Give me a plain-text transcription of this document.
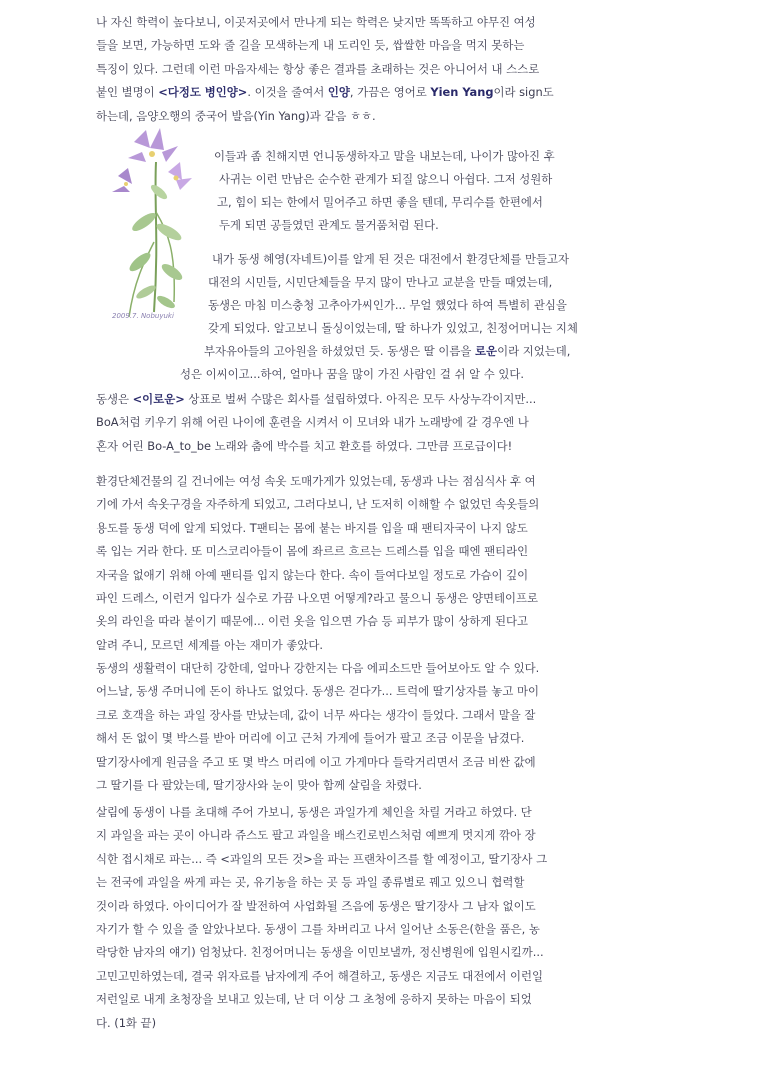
나 자신 학력이 높다보니, 이곳저곳에서 만나게 되는 학력은 낮지만 똑똑하고 야무진 여성
들을 보면, 가능하면 도와 줄 길을 모색하는게 내 도리인 듯, 쌉쌀한 마음을 먹지 못하는
특징이 있다. 그런데 이런 마음자세는 항상 좋은 결과를 초래하는 것은 아니어서 내 스스로
붙인 별명이 <다정도 병인양>. 이것을 줄여서 인양, 가끔은 영어로 Yien Yang이라 sign도
하는데, 음양오행의 중국어 발음(Yin Yang)과 같음 ㅎㅎ.
2009.7. Nobuyuki
이들과 좀 친해지면 언니동생하자고 말을 내보는데, 나이가 많아진 후
사귀는 이런 만남은 순수한 관계가 되질 않으니 아쉽다. 그저 성원하
고, 힘이 되는 한에서 밀어주고 하면 좋을 텐데, 무리수를 한편에서
두게 되면 공들였던 관계도 물거품처럼 된다.
내가 동생 혜영(자네트)이를 알게 된 것은 대전에서 환경단체를 만들고자
대전의 시민들, 시민단체들을 무지 많이 만나고 교분을 만들 때였는데,
동생은 마침 미스충청 고추아가씨인가... 무얼 했었다 하여 특별히 관심을
갖게 되었다. 알고보니 돌싱이었는데, 딸 하나가 있었고, 친정어머니는 지체
부자유아들의 고아원을 하셨었던 듯. 동생은 딸 이름을 로운이라 지었는데,
성은 이씨이고...하여, 얼마나 꿈을 많이 가진 사람인 걸 쉬 알 수 있다.
동생은 <이로운> 상표로 벌써 수많은 회사를 설립하였다. 아직은 모두 사상누각이지만...
BoA처럼 키우기 위해 어린 나이에 훈련을 시켜서 이 모녀와 내가 노래방에 갈 경우엔 나
혼자 어린 Bo-A_to_be 노래와 춤에 박수를 치고 환호를 하였다. 그만큼 프로급이다!
환경단체건물의 길 건너에는 여성 속옷 도매가게가 있었는데, 동생과 나는 점심식사 후 여
기에 가서 속옷구경을 자주하게 되었고, 그러다보니, 난 도저히 이해할 수 없었던 속옷들의
용도를 동생 덕에 알게 되었다. T팬티는 몸에 붙는 바지를 입을 때 팬티자국이 나지 않도
록 입는 거라 한다. 또 미스코리아들이 몸에 좌르르 흐르는 드레스를 입을 때엔 팬티라인
자국을 없애기 위해 아예 팬티를 입지 않는다 한다. 속이 들여다보일 정도로 가슴이 깊이
파인 드레스, 이런거 입다가 실수로 가끔 나오면 어떻게?라고 물으니 동생은 양면테이프로
옷의 라인을 따라 붙이기 때문에... 이런 옷을 입으면 가슴 등 피부가 많이 상하게 된다고
알려 주니, 모르던 세계를 아는 재미가 좋았다.
동생의 생활력이 대단히 강한데, 얼마나 강한지는 다음 에피소드만 들어보아도 알 수 있다.
어느날, 동생 주머니에 돈이 하나도 없었다. 동생은 걷다가... 트럭에 딸기상자를 놓고 마이
크로 호객을 하는 과일 장사를 만났는데, 값이 너무 싸다는 생각이 들었다. 그래서 말을 잘
해서 돈 없이 몇 박스를 받아 머리에 이고 근처 가게에 들어가 팔고 조금 이문을 남겼다.
딸기장사에게 원금을 주고 또 몇 박스 머리에 이고 가게마다 들락거리면서 조금 비싼 값에
그 딸기를 다 팔았는데, 딸기장사와 눈이 맞아 함께 살림을 차렸다.
살림에 동생이 나를 초대해 주어 가보니, 동생은 과일가게 체인을 차릴 거라고 하였다. 단
지 과일을 파는 곳이 아니라 쥬스도 팔고 과일을 배스킨로빈스처럼 예쁘게 멋지게 깎아 장
식한 접시채로 파는... 즉 <과일의 모든 것>을 파는 프랜차이즈를 할 예정이고, 딸기장사 그
는 전국에 과일을 싸게 파는 곳, 유기농을 하는 곳 등 과일 종류별로 꿰고 있으니 협력할
것이라 하였다. 아이디어가 잘 발전하여 사업화될 즈음에 동생은 딸기장사 그 남자 없이도
자기가 할 수 있을 줄 알았나보다. 동생이 그를 차버리고 나서 일어난 소동은(한을 품은, 농
락당한 남자의 얘기) 엄청났다. 친정어머니는 동생을 이민보낼까, 정신병원에 입원시킬까...
고민고민하였는데, 결국 위자료를 남자에게 주어 해결하고, 동생은 지금도 대전에서 이런일
저런일로 내게 초청장을 보내고 있는데, 난 더 이상 그 초청에 응하지 못하는 마음이 되었
다. (1화 끝)
